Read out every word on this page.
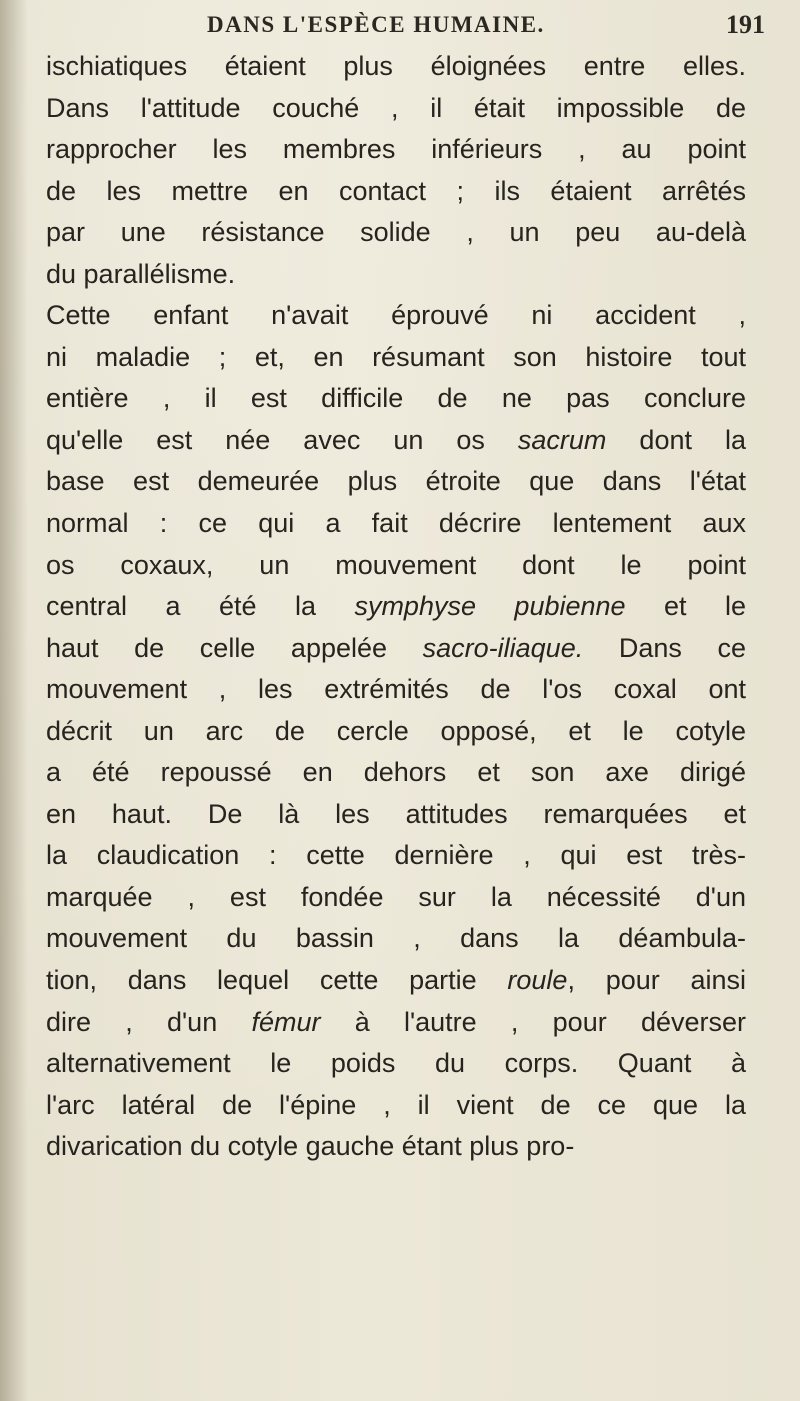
DANS L'ESPÈCE HUMAINE.	191
ischiatiques étaient plus éloignées entre elles.
Dans l'attitude couché , il était impossible de
rapprocher les membres inférieurs , au point
de les mettre en contact ; ils étaient arrêtés
par une résistance solide , un peu au-delà
du parallélisme.
Cette enfant n'avait éprouvé ni accident ,
ni maladie ; et, en résumant son histoire tout
entière , il est difficile de ne pas conclure
qu'elle est née avec un os sacrum dont la
base est demeurée plus étroite que dans l'état
normal : ce qui a fait décrire lentement aux
os coxaux, un mouvement dont le point
central a été la symphyse pubienne et le
haut de celle appelée sacro-iliaque. Dans ce
mouvement , les extrémités de l'os coxal ont
décrit un arc de cercle opposé, et le cotyle
a été repoussé en dehors et son axe dirigé
en haut. De là les attitudes remarquées et
la claudication : cette dernière , qui est très-
marquée , est fondée sur la nécessité d'un
mouvement du bassin , dans la déambula-
tion, dans lequel cette partie roule, pour ainsi
dire , d'un fémur à l'autre , pour déverser
alternativement le poids du corps. Quant à
l'arc latéral de l'épine , il vient de ce que la
divarication du cotyle gauche étant plus pro-
